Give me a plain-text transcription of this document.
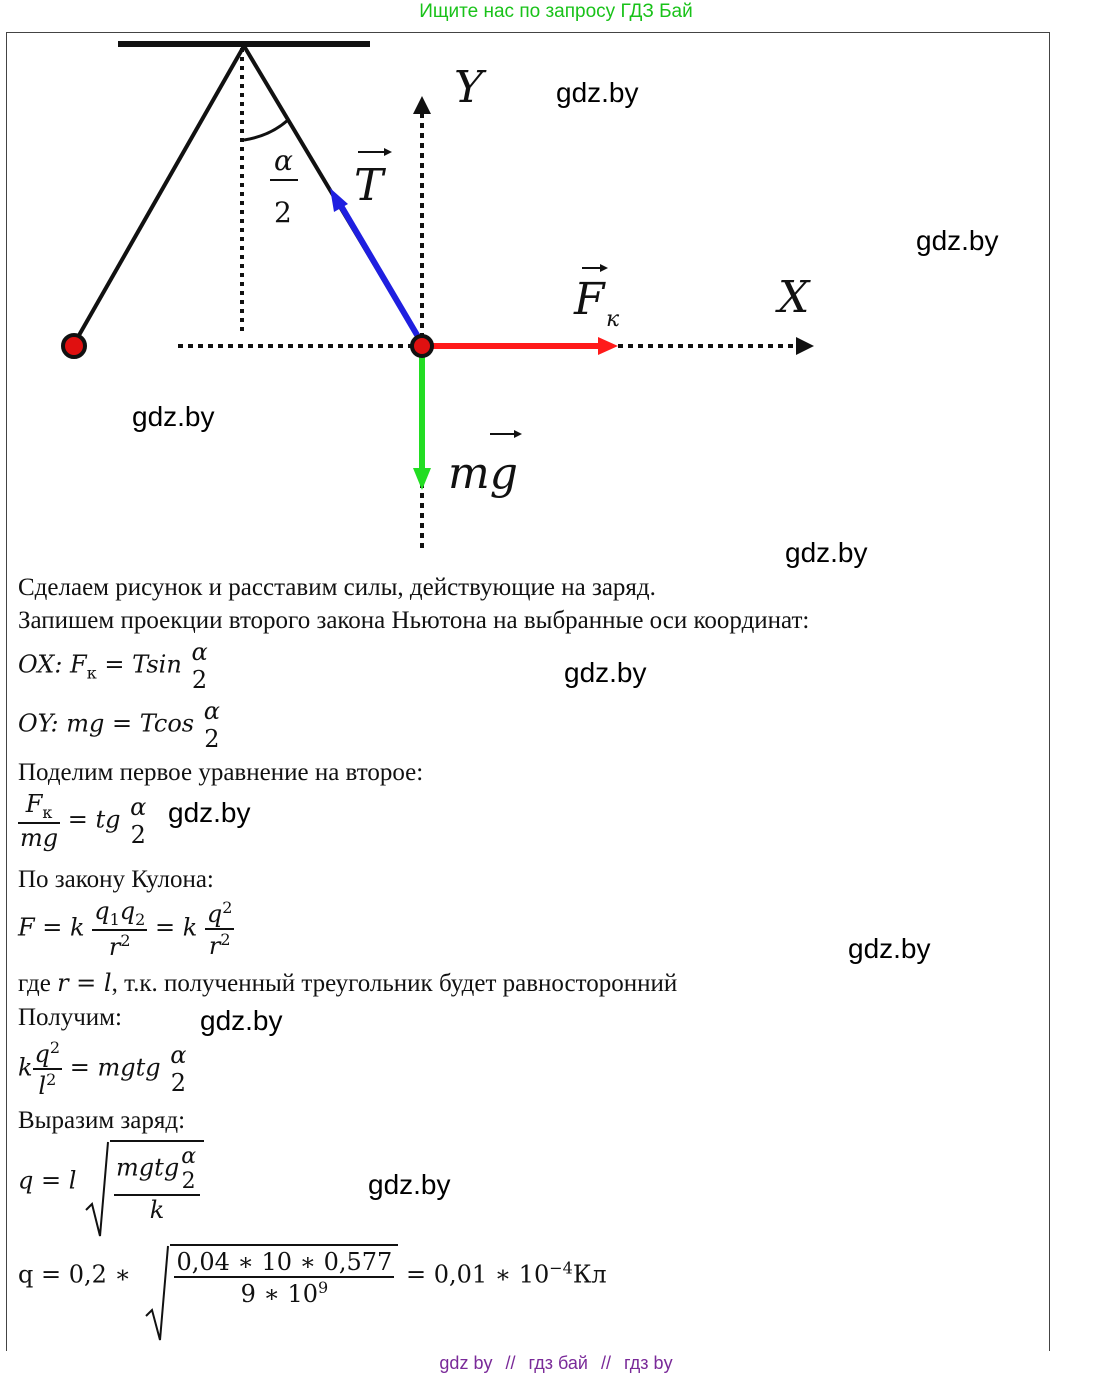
Ищите нас по запросу ГДЗ Бай
Y
X
T
F к
mg
α
2
gdz.by
gdz.by
gdz.by
gdz.by
gdz.by
gdz.by
gdz.by
gdz.by
gdz.by
Сделаем рисунок и расставим силы, действующие на заряд.
Запишем проекции второго закона Ньютона на выбранные оси координат:
OX: $F_к = Tsin$ α
2
OY: mg = Tcos α
2
Поделим первое уравнение на второе:
$\frac{F_к}{mg}$ = tg α
2
По закону Кулона:
F = k $\frac{q_1q_2}{r^2} = k \frac{q^2}{r^2}$
где r = l, т.к. полученный треугольник будет равносторонний
Получим:
k $\frac{q^2}{l^2}$ = mgtg α
2
Выразим заряд:
q = l mgtg α
2
k
q = 0,2 ∗ $\frac{0,04 ∗ 10 ∗ 0,577}{9 ∗ 10^9} = 0,01$ ∗ $10^{-4}Кл$
gdz by // гдз бай // гдз by
